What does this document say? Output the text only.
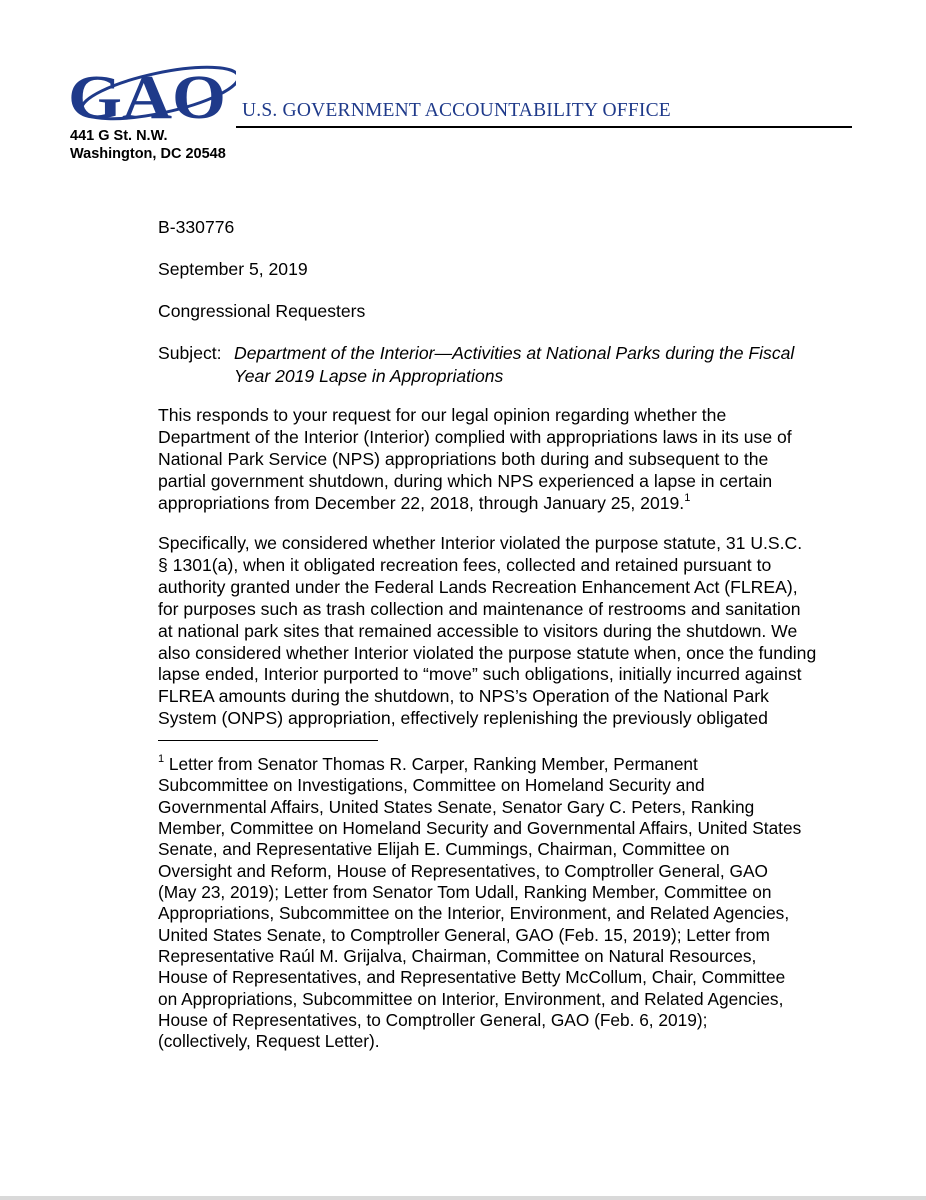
GAO U.S. GOVERNMENT ACCOUNTABILITY OFFICE
441 G St. N.W.
Washington, DC 20548
B-330776
September 5, 2019
Congressional Requesters
Subject: Department of the Interior—Activities at National Parks during the Fiscal
Year 2019 Lapse in Appropriations
This responds to your request for our legal opinion regarding whether the
Department of the Interior (Interior) complied with appropriations laws in its use of
National Park Service (NPS) appropriations both during and subsequent to the
partial government shutdown, during which NPS experienced a lapse in certain
appropriations from December 22, 2018, through January 25, 2019.$^1$
Specifically, we considered whether Interior violated the purpose statute, 31 U.S.C.
§ 1301(a), when it obligated recreation fees, collected and retained pursuant to
authority granted under the Federal Lands Recreation Enhancement Act (FLREA),
for purposes such as trash collection and maintenance of restrooms and sanitation
at national park sites that remained accessible to visitors during the shutdown. We
also considered whether Interior violated the purpose statute when, once the funding
lapse ended, Interior purported to “move” such obligations, initially incurred against
FLREA amounts during the shutdown, to NPS’s Operation of the National Park
System (ONPS) appropriation, effectively replenishing the previously obligated
$^1$ Letter from Senator Thomas R. Carper, Ranking Member, Permanent
Subcommittee on Investigations, Committee on Homeland Security and
Governmental Affairs, United States Senate, Senator Gary C. Peters, Ranking
Member, Committee on Homeland Security and Governmental Affairs, United States
Senate, and Representative Elijah E. Cummings, Chairman, Committee on
Oversight and Reform, House of Representatives, to Comptroller General, GAO
(May 23, 2019); Letter from Senator Tom Udall, Ranking Member, Committee on
Appropriations, Subcommittee on the Interior, Environment, and Related Agencies,
United States Senate, to Comptroller General, GAO (Feb. 15, 2019); Letter from
Representative Raúl M. Grijalva, Chairman, Committee on Natural Resources,
House of Representatives, and Representative Betty McCollum, Chair, Committee
on Appropriations, Subcommittee on Interior, Environment, and Related Agencies,
House of Representatives, to Comptroller General, GAO (Feb. 6, 2019);
(collectively, Request Letter).
